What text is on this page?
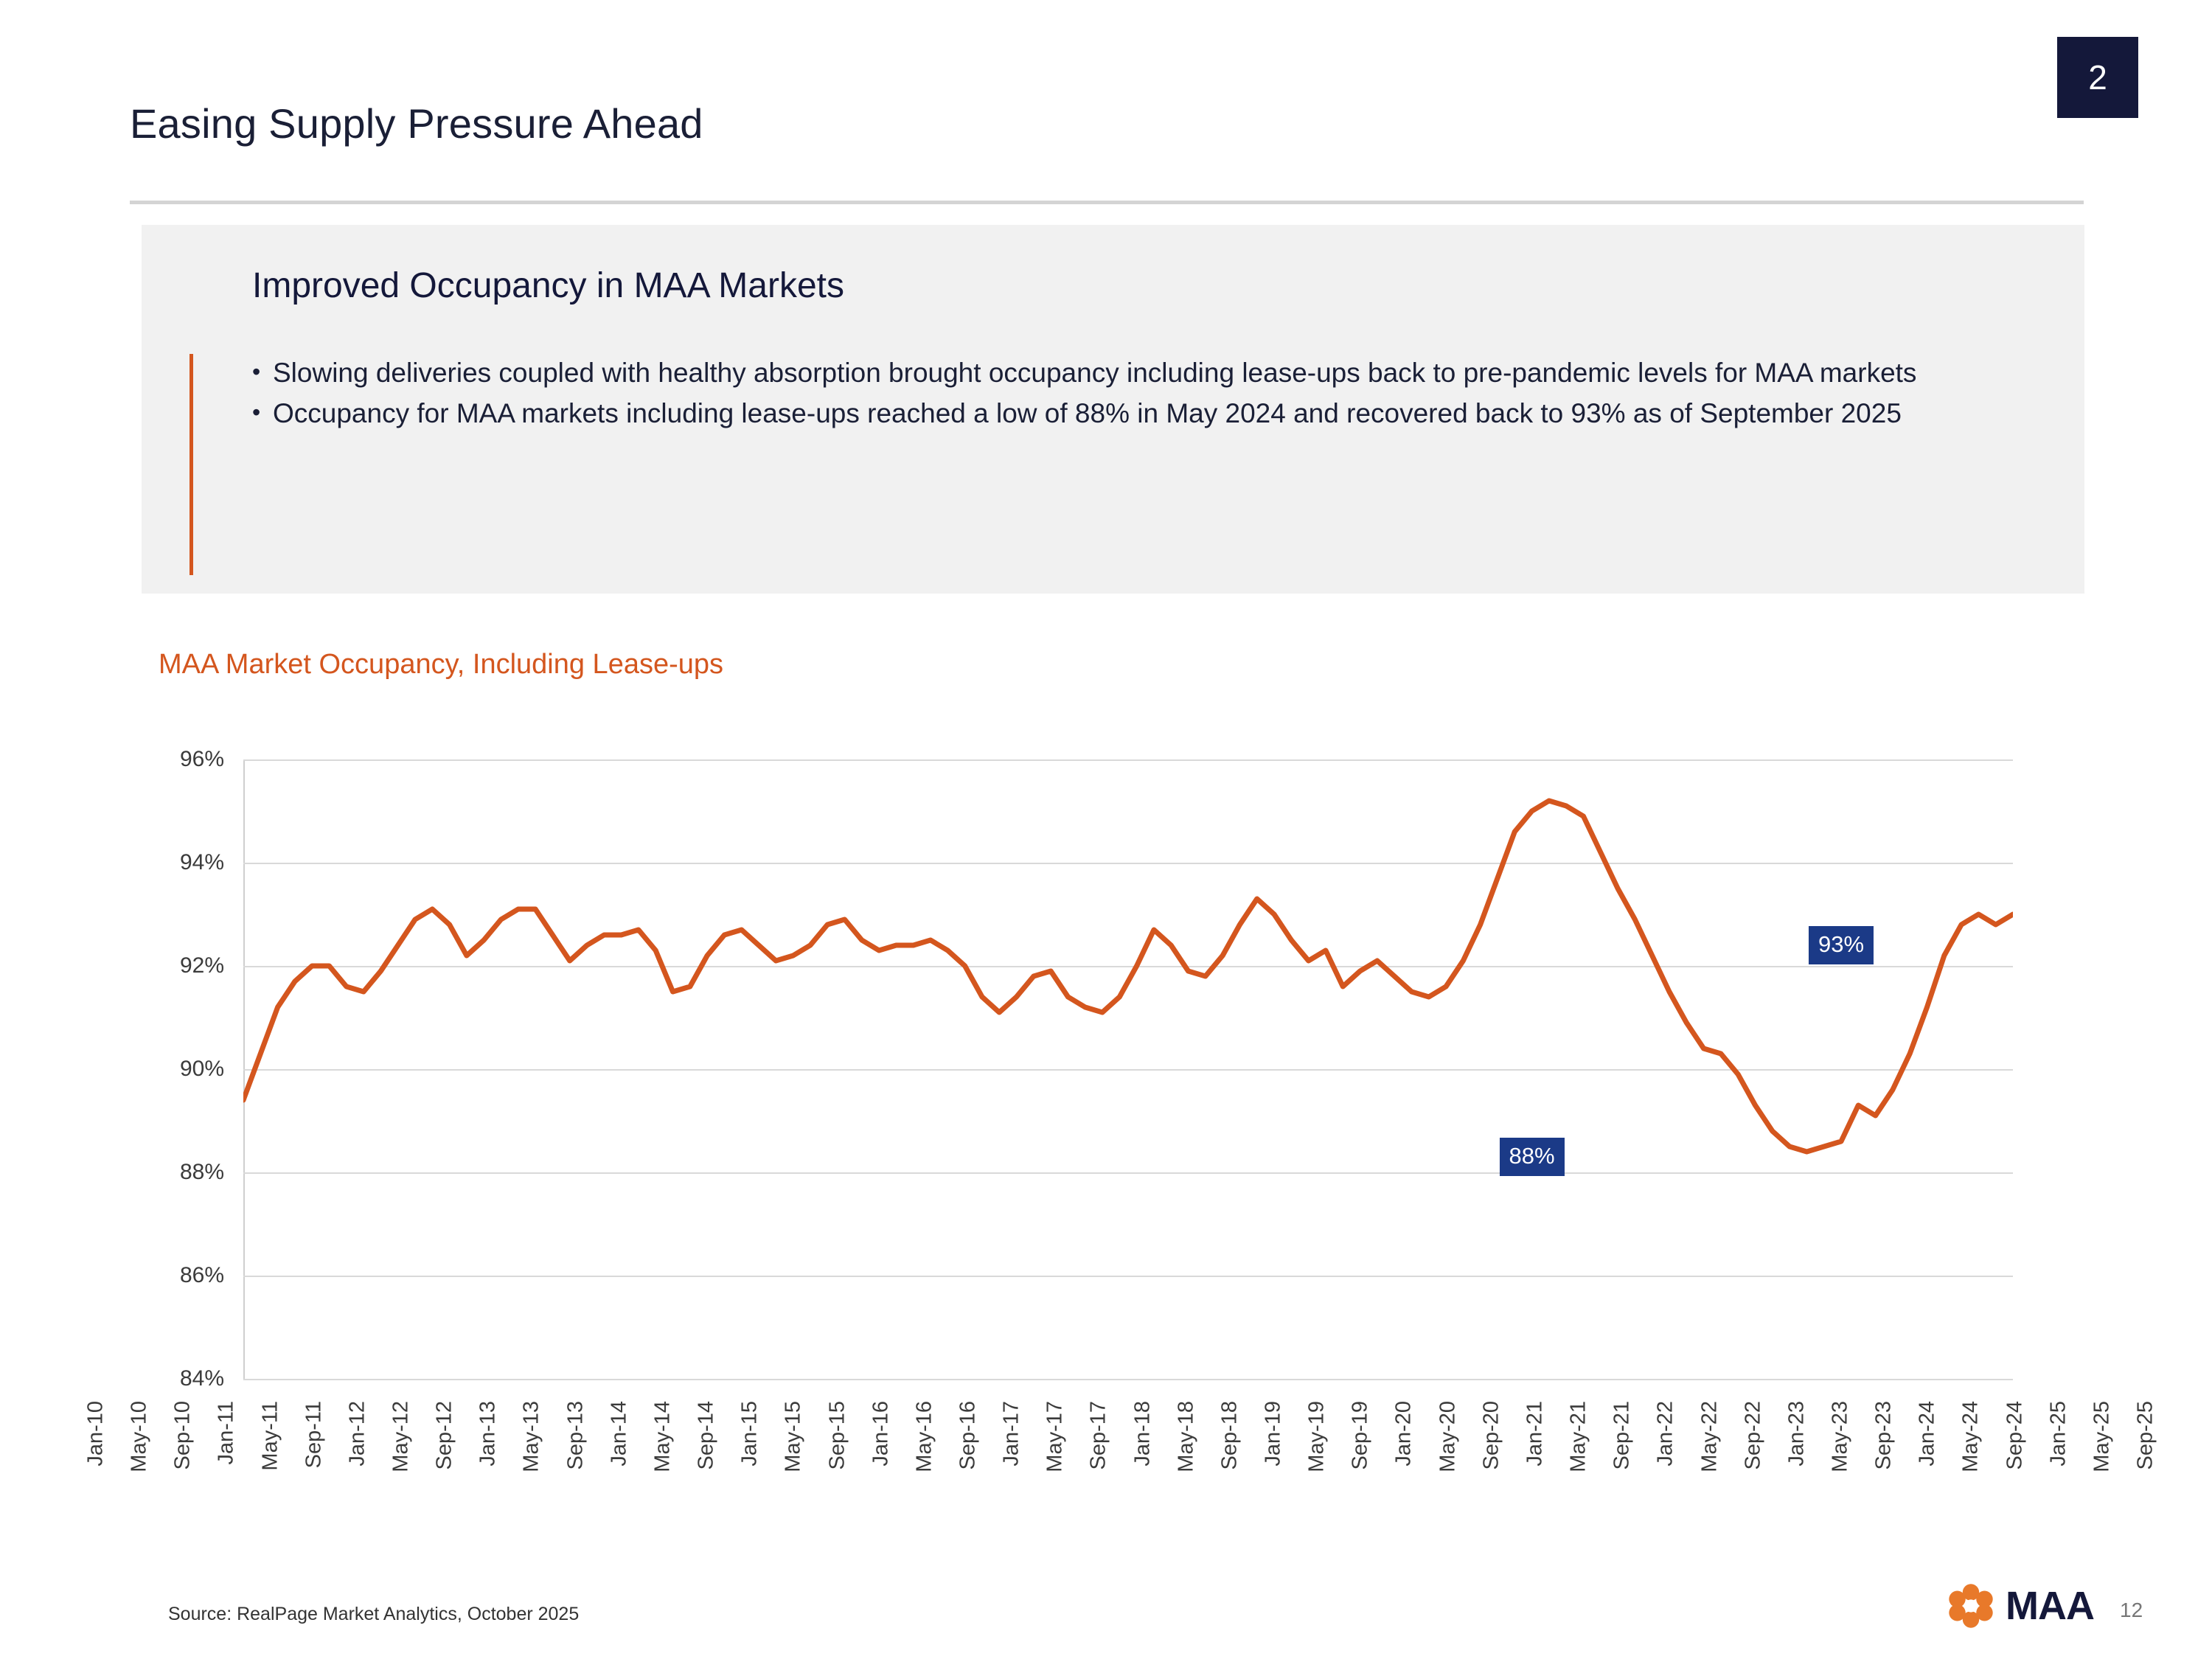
Easing Supply Pressure Ahead
2
Improved Occupancy in MAA Markets
• Slowing deliveries coupled with healthy absorption brought occupancy including lease-ups back to pre-pandemic levels for MAA markets
• Occupancy for MAA markets including lease-ups reached a low of 88% in May 2024 and recovered back to 93% as of September 2025
MAA Market Occupancy, Including Lease-ups
84%
86%
88%
90%
92%
94%
96%
88%
93%
Jan-10 May-10 Sep-10 Jan-11 May-11 Sep-11 Jan-12 May-12 Sep-12 Jan-13 May-13 Sep-13 Jan-14 May-14 Sep-14 Jan-15 May-15 Sep-15 Jan-16 May-16 Sep-16 Jan-17 May-17 Sep-17 Jan-18 May-18 Sep-18 Jan-19 May-19 Sep-19 Jan-20 May-20 Sep-20 Jan-21 May-21 Sep-21 Jan-22 May-22 Sep-22 Jan-23 May-23 Sep-23 Jan-24 May-24 Sep-24 Jan-25 May-25 Sep-25
Source: RealPage Market Analytics, October 2025	MAA 12
